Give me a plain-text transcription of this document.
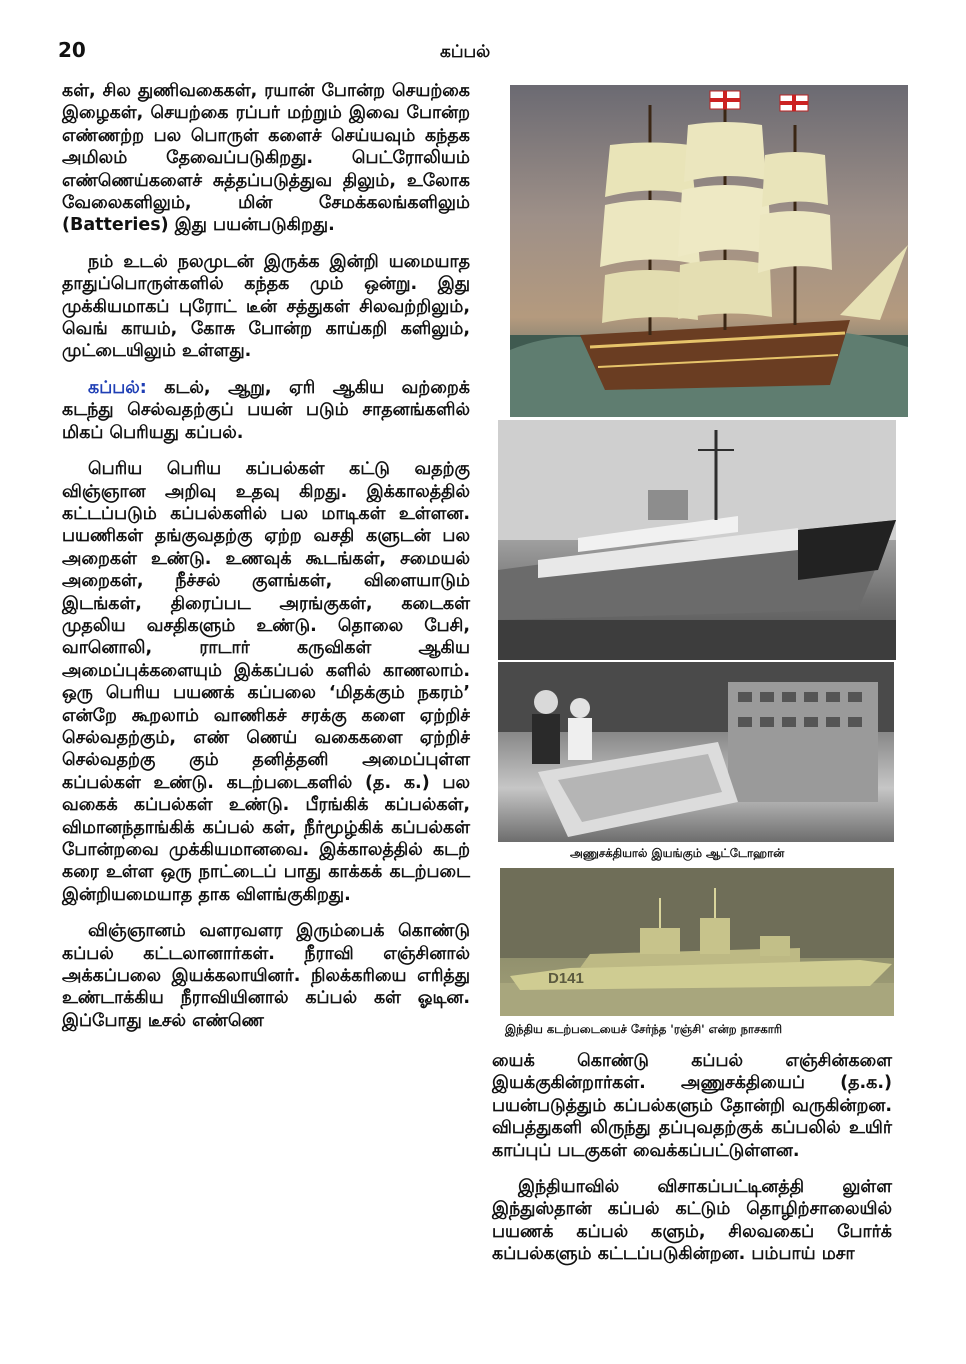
20	கப்பல்

கள், சில துணிவகைகள், ரயான் போன்ற செயற்கை இழைகள், செயற்கை ரப்பர் மற்றும் இவை போன்ற எண்ணற்ற பல பொருள் களைச் செய்யவும் கந்தக அமிலம் தேவைப்படுகிறது. பெட்ரோலியம் எண்ணெய்களைச் சுத்தப்படுத்துவ திலும், உலோக வேலைகளிலும், மின் சேமக்கலங்களிலும் (Batteries) இது பயன்படுகிறது.

நம் உடல் நலமுடன் இருக்க இன்றி யமையாத தாதுப்பொருள்களில் கந்தக மும் ஒன்று. இது முக்கியமாகப் புரோட் டீன் சத்துகள் சிலவற்றிலும், வெங் காயம், கோசு போன்ற காய்கறி களிலும், முட்டையிலும் உள்ளது.

கப்பல்: கடல், ஆறு, ஏரி ஆகிய வற்றைக் கடந்து செல்வதற்குப் பயன் படும் சாதனங்களில் மிகப் பெரியது கப்பல்.

பெரிய பெரிய கப்பல்கள் கட்டு வதற்கு விஞ்ஞான அறிவு உதவு கிறது. இக்காலத்தில் கட்டப்படும் கப்பல்களில் பல மாடிகள் உள்ளன. பயணிகள் தங்குவதற்கு ஏற்ற வசதி களுடன் பல அறைகள் உண்டு. உணவுக் கூடங்கள், சமையல் அறைகள், நீச்சல் குளங்கள், விளையாடும் இடங்கள், திரைப்பட அரங்குகள், கடைகள் முதலிய வசதிகளும் உண்டு. தொலை பேசி, வானொலி, ராடார் கருவிகள் ஆகிய அமைப்புக்களையும் இக்கப்பல் களில் காணலாம். ஒரு பெரிய பயணக் கப்பலை ‘மிதக்கும் நகரம்’ என்றே கூறலாம் வாணிகச் சரக்கு களை ஏற்றிச் செல்வதற்கும், எண் ணெய் வகைகளை ஏற்றிச் செல்வதற்கு கும் தனித்தனி அமைப்புள்ள கப்பல்கள் உண்டு. கடற்படைகளில் (த. க.) பல வகைக் கப்பல்கள் உண்டு. பீரங்கிக் கப்பல்கள், விமானந்தாங்கிக் கப்பல் கள், நீர்மூழ்கிக் கப்பல்கள் போன்றவை முக்கியமானவை. இக்காலத்தில் கடற் கரை உள்ள ஒரு நாட்டைப் பாது காக்கக் கடற்படை இன்றியமையாத தாக விளங்குகிறது.

விஞ்ஞானம் வளரவளர இரும்பைக் கொண்டு கப்பல் கட்டலானார்கள். நீராவி எஞ்சினால் அக்கப்பலை இயக்கலாயினர். நிலக்கரியை எரித்து உண்டாக்கிய நீராவியினால் கப்பல் கள் ஓடின. இப்போது டீசல் எண்ணெ

அணுசக்தியால் இயங்கும் ஆட்டோஹான்
D141
இந்திய கடற்படையைச் சேர்ந்த 'ரஞ்சி' என்ற நாசகாரி

யைக் கொண்டு கப்பல் எஞ்சின்களை இயக்குகின்றார்கள். அணுசக்தியைப் (த.க.) பயன்படுத்தும் கப்பல்களும் தோன்றி வருகின்றன. விபத்துகளி லிருந்து தப்புவதற்குக் கப்பலில் உயிர் காப்புப் படகுகள் வைக்கப்பட்டுள்ளன.

இந்தியாவில் விசாகப்பட்டினத்தி லுள்ள இந்துஸ்தான் கப்பல் கட்டும் தொழிற்சாலையில் பயணக் கப்பல் களும், சிலவகைப் போர்க் கப்பல்களும் கட்டப்படுகின்றன. பம்பாய் மசா
